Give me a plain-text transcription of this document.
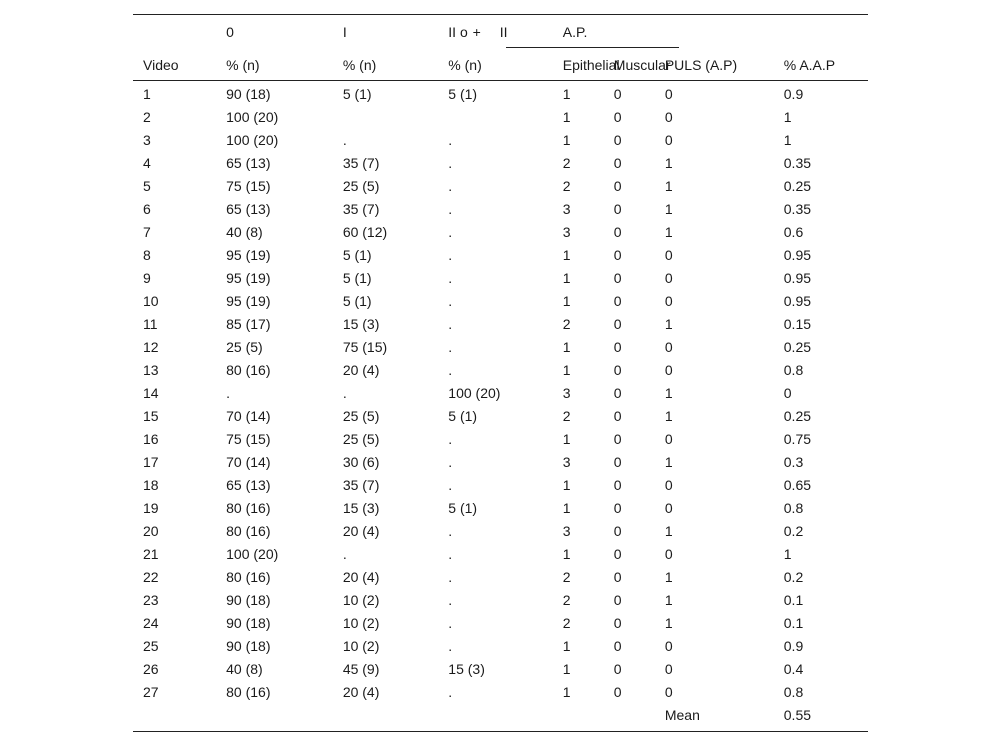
	0	I	II o + II	A.P.			
Video	% (n)	% (n)	% (n)	Epithelial	Muscular	PULS (A.P)	% A.A.P
1	90 (18)	5 (1)	5 (1)	1	0	0	0.9
2	100 (20)			1	0	0	1
3	100 (20)	.	.	1	0	0	1
4	65 (13)	35 (7)	.	2	0	1	0.35
5	75 (15)	25 (5)	.	2	0	1	0.25
6	65 (13)	35 (7)	.	3	0	1	0.35
7	40 (8)	60 (12)	.	3	0	1	0.6
8	95 (19)	5 (1)	.	1	0	0	0.95
9	95 (19)	5 (1)	.	1	0	0	0.95
10	95 (19)	5 (1)	.	1	0	0	0.95
11	85 (17)	15 (3)	.	2	0	1	0.15
12	25 (5)	75 (15)	.	1	0	0	0.25
13	80 (16)	20 (4)	.	1	0	0	0.8
14	.	.	100 (20)	3	0	1	0
15	70 (14)	25 (5)	5 (1)	2	0	1	0.25
16	75 (15)	25 (5)	.	1	0	0	0.75
17	70 (14)	30 (6)	.	3	0	1	0.3
18	65 (13)	35 (7)	.	1	0	0	0.65
19	80 (16)	15 (3)	5 (1)	1	0	0	0.8
20	80 (16)	20 (4)	.	3	0	1	0.2
21	100 (20)	.	.	1	0	0	1
22	80 (16)	20 (4)	.	2	0	1	0.2
23	90 (18)	10 (2)	.	2	0	1	0.1
24	90 (18)	10 (2)	.	2	0	1	0.1
25	90 (18)	10 (2)	.	1	0	0	0.9
26	40 (8)	45 (9)	15 (3)	1	0	0	0.4
27	80 (16)	20 (4)	.	1	0	0	0.8
						Mean	0.55
